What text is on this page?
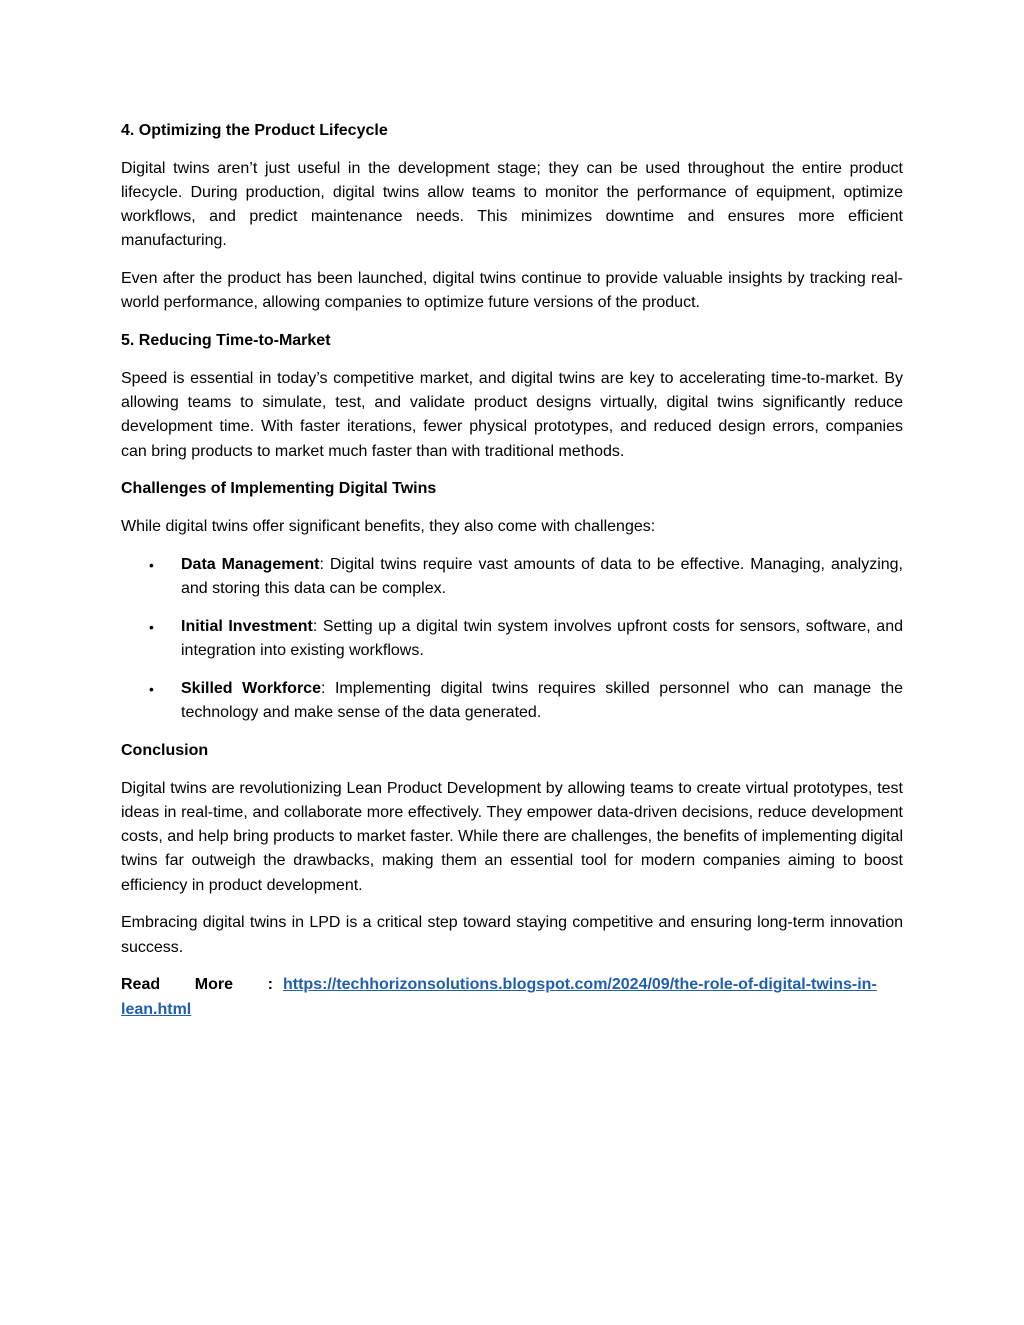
4. Optimizing the Product Lifecycle

Digital twins aren’t just useful in the development stage; they can be used throughout the entire product lifecycle. During production, digital twins allow teams to monitor the performance of equipment, optimize workflows, and predict maintenance needs. This minimizes downtime and ensures more efficient manufacturing.

Even after the product has been launched, digital twins continue to provide valuable insights by tracking real-world performance, allowing companies to optimize future versions of the product.

5. Reducing Time-to-Market

Speed is essential in today’s competitive market, and digital twins are key to accelerating time-to-market. By allowing teams to simulate, test, and validate product designs virtually, digital twins significantly reduce development time. With faster iterations, fewer physical prototypes, and reduced design errors, companies can bring products to market much faster than with traditional methods.

Challenges of Implementing Digital Twins

While digital twins offer significant benefits, they also come with challenges:

• Data Management: Digital twins require vast amounts of data to be effective. Managing, analyzing, and storing this data can be complex.
• Initial Investment: Setting up a digital twin system involves upfront costs for sensors, software, and integration into existing workflows.
• Skilled Workforce: Implementing digital twins requires skilled personnel who can manage the technology and make sense of the data generated.
Conclusion

Digital twins are revolutionizing Lean Product Development by allowing teams to create virtual prototypes, test ideas in real-time, and collaborate more effectively. They empower data-driven decisions, reduce development costs, and help bring products to market faster. While there are challenges, the benefits of implementing digital twins far outweigh the drawbacks, making them an essential tool for modern companies aiming to boost efficiency in product development.

Embracing digital twins in LPD is a critical step toward staying competitive and ensuring long-term innovation success.

Read More : https://techhorizonsolutions.blogspot.com/2024/09/the-role-of-digital-twins-in-lean.html
